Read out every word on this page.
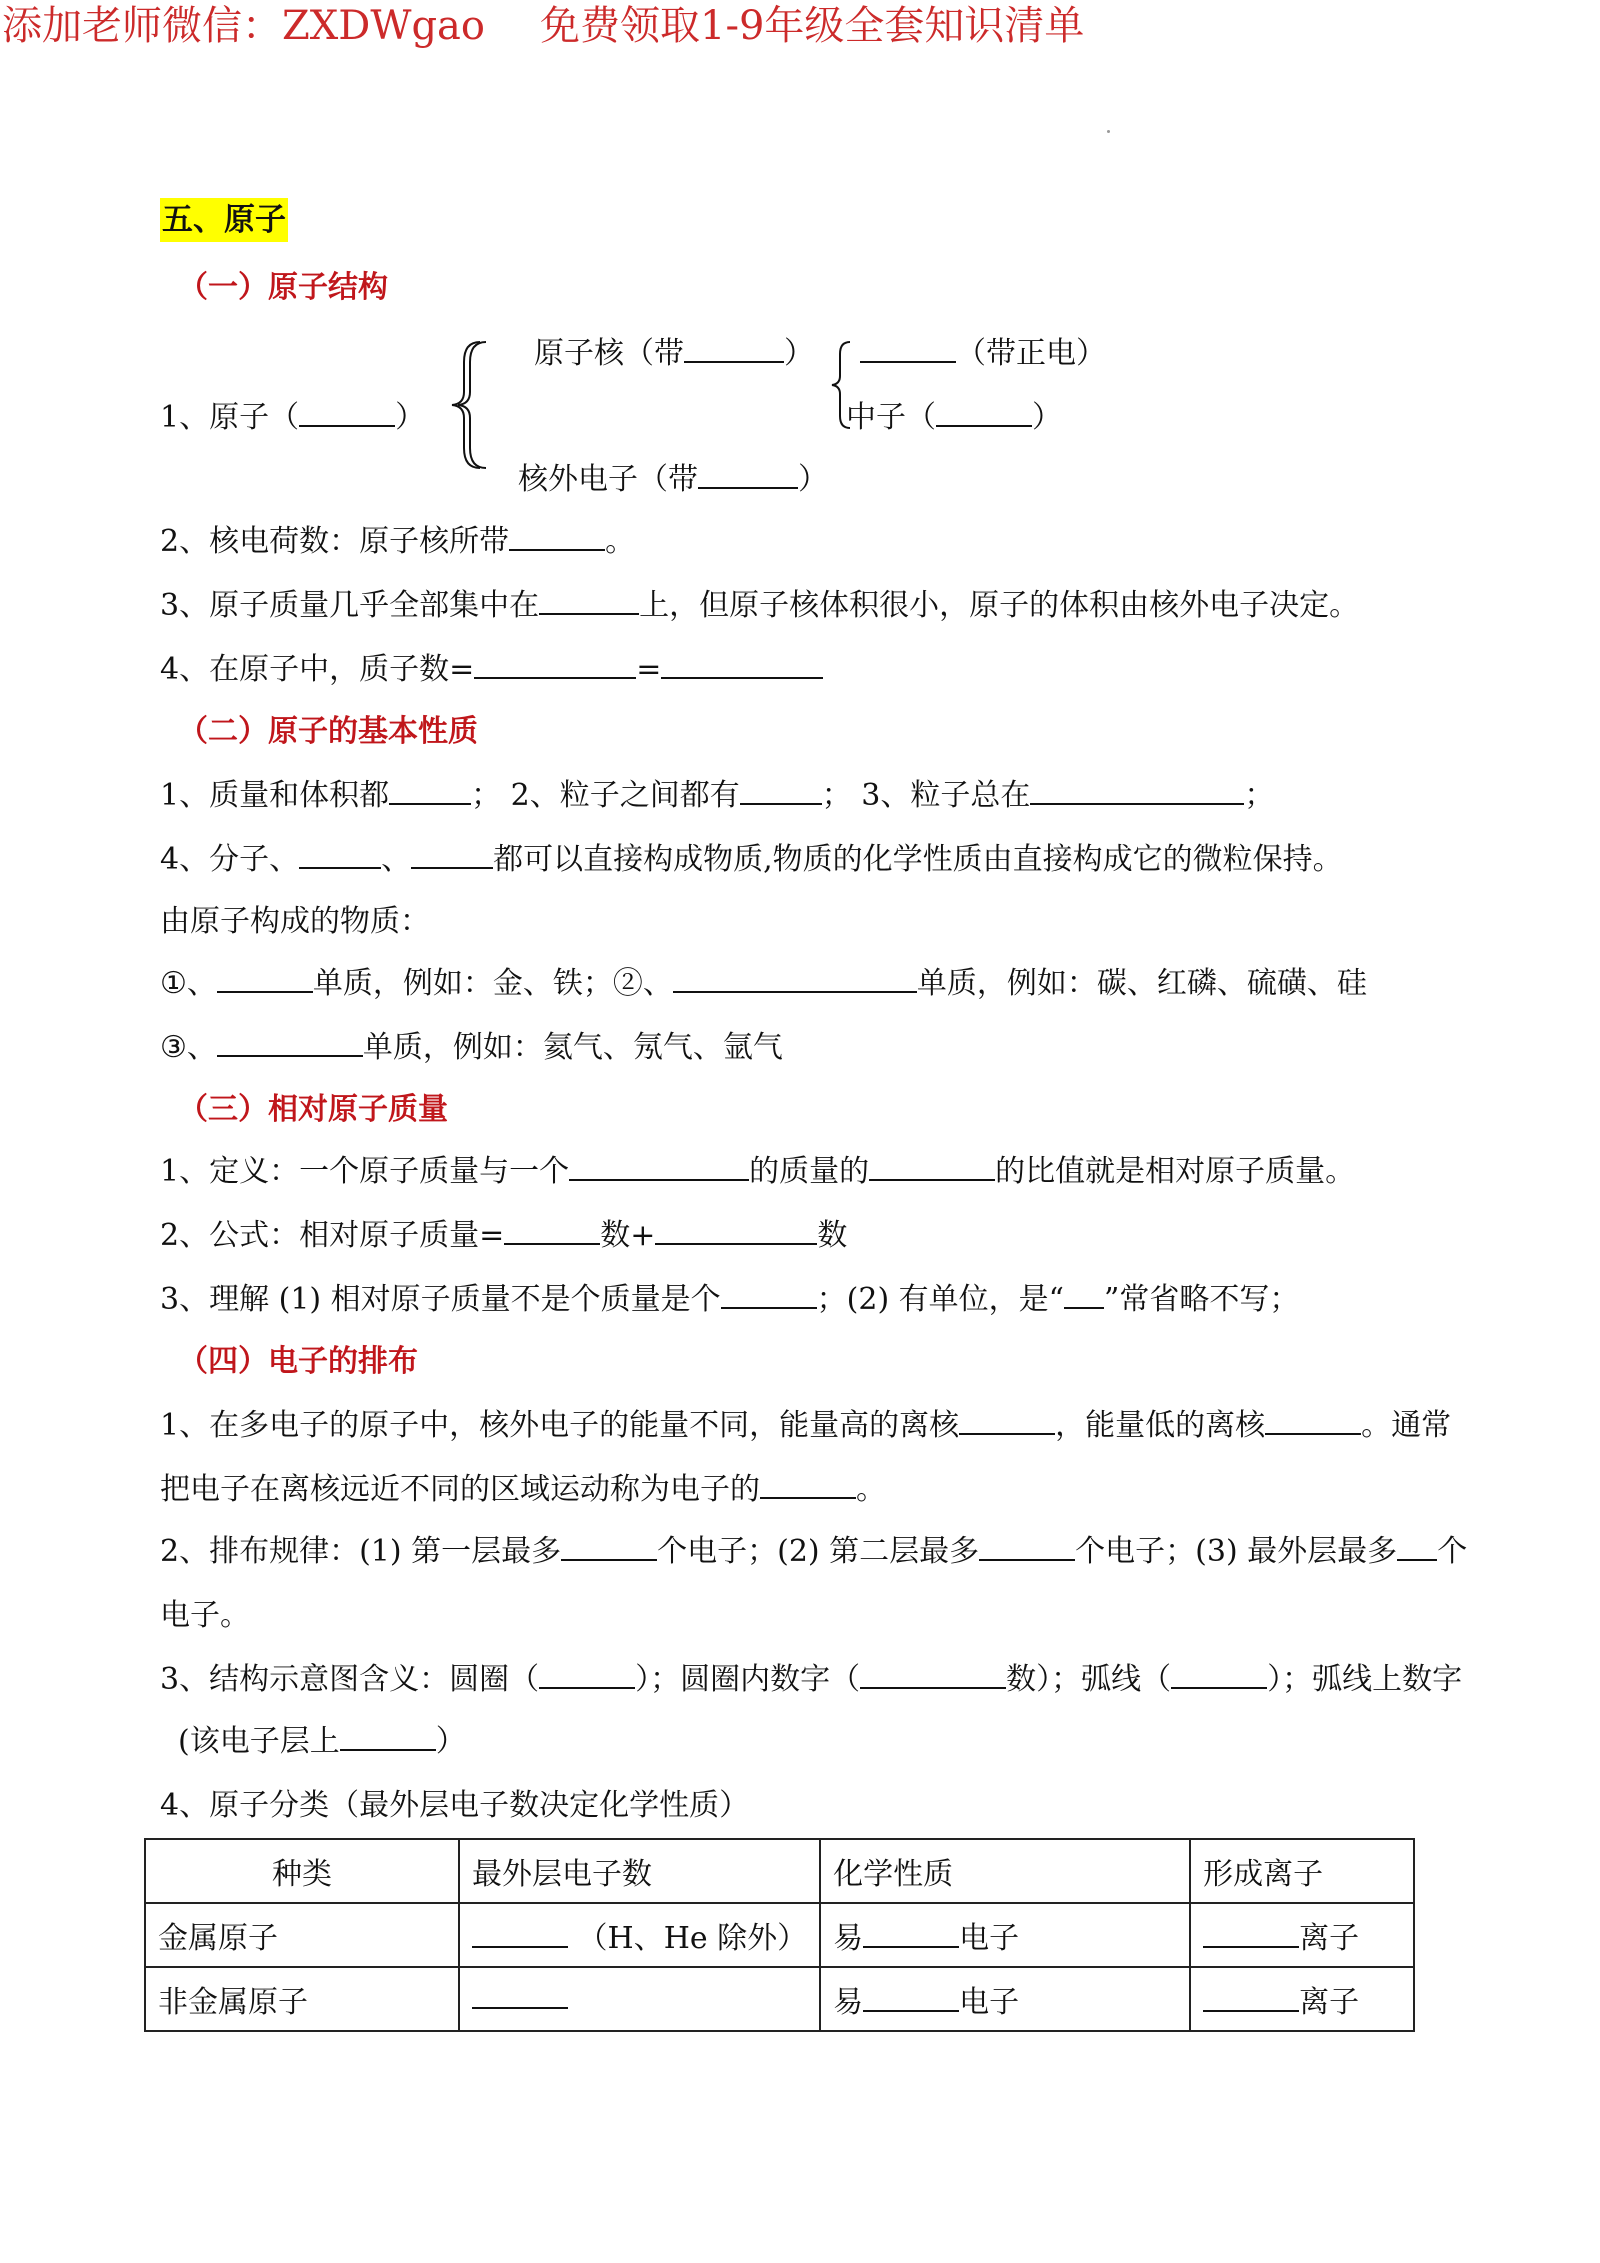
添加老师微信：ZXDWgao 免费领取1-9年级全套知识清单
五、原子
（一）原子结构
原子核（带	）	（带正电）
1、原子（	）	中子（	）
核外电子（带	）
2、核电荷数：原子核所带	。
3、原子质量几乎全部集中在	上，但原子核体积很小，原子的体积由核外电子决定。
4、在原子中，质子数=	=
（二）原子的基本性质
1、质量和体积都	； 2、粒子之间都有	； 3、粒子总在	；
4、分子、	、	都可以直接构成物质,物质的化学性质由直接构成它的微粒保持。
由原子构成的物质：
①、	单质，例如：金、铁；②、	单质，例如：碳、红磷、硫磺、硅
③、	单质，例如：氦气、氖气、氩气
（三）相对原子质量
1、定义：一个原子质量与一个	的质量的	的比值就是相对原子质量。
2、公式：相对原子质量=	数+	数
3、理解 (1) 相对原子质量不是个质量是个	；(2) 有单位，是“ ”常省略不写；
（四）电子的排布
1、在多电子的原子中，核外电子的能量不同，能量高的离核	，能量低的离核	。通常
把电子在离核远近不同的区域运动称为电子的	。
2、排布规律：(1) 第一层最多	个电子；(2) 第二层最多	个电子；(3) 最外层最多 个
电子。
3、结构示意图含义：圆圈（	）；圆圈内数字（	数）；弧线（	）；弧线上数字
(该电子层上	）
4、原子分类（最外层电子数决定化学性质）
种类	最外层电子数	化学性质	形成离子
金属原子	（H、He 除外）	易 电子	离子
非金属原子		易 电子	离子
